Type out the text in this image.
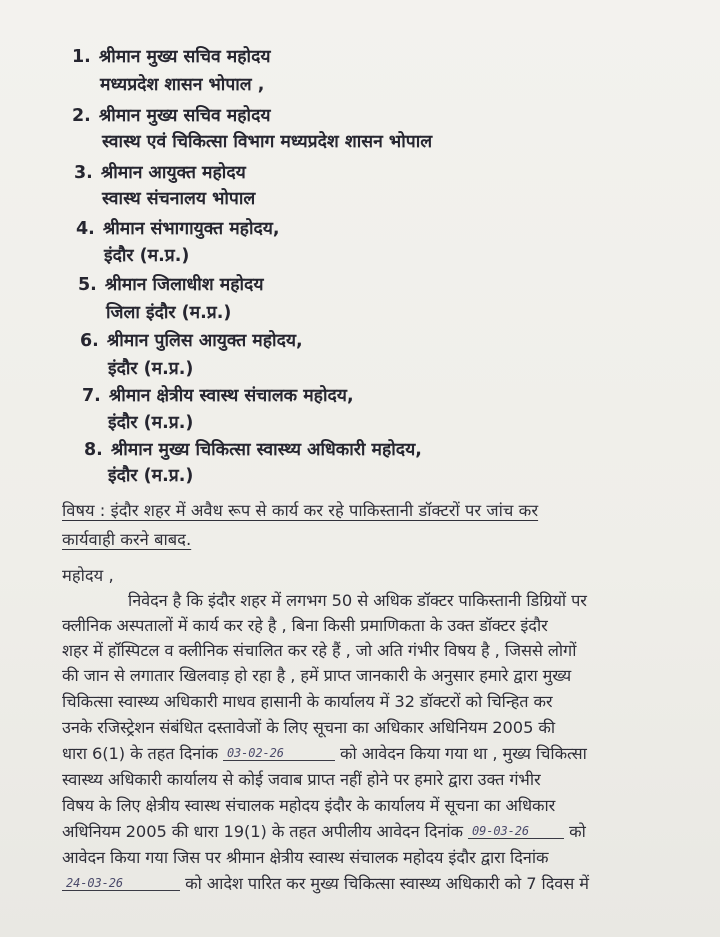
1. श्रीमान मुख्य सचिव महोदय
मध्यप्रदेश शासन भोपाल ,
2. श्रीमान मुख्य सचिव महोदय
स्वास्थ एवं चिकित्सा विभाग मध्यप्रदेश शासन भोपाल
3. श्रीमान आयुक्त महोदय
स्वास्थ संचनालय भोपाल
4. श्रीमान संभागायुक्त महोदय,
इंदौर (म.प्र.)
5. श्रीमान जिलाधीश महोदय
जिला इंदौर (म.प्र.)
6. श्रीमान पुलिस आयुक्त महोदय,
इंदौर (म.प्र.)
7. श्रीमान क्षेत्रीय स्वास्थ संचालक महोदय,
इंदौर (म.प्र.)
8. श्रीमान मुख्य चिकित्सा स्वास्थ्य अधिकारी महोदय,
इंदौर (म.प्र.)
विषय : इंदौर शहर में अवैध रूप से कार्य कर रहे पाकिस्तानी डॉक्टरों पर जांच कर
कार्यवाही करने बाबद.
महोदय ,
निवेदन है कि इंदौर शहर में लगभग 50 से अधिक डॉक्टर पाकिस्तानी डिग्रियों पर
क्लीनिक अस्पतालों में कार्य कर रहे है , बिना किसी प्रमाणिकता के उक्त डॉक्टर इंदौर
शहर में हॉस्पिटल व क्लीनिक संचालित कर रहे हैं , जो अति गंभीर विषय है , जिससे लोगों
की जान से लगातार खिलवाड़ हो रहा है , हमें प्राप्त जानकारी के अनुसार हमारे द्वारा मुख्य
चिकित्सा स्वास्थ्य अधिकारी माधव हासानी के कार्यालय में 32 डॉक्टरों को चिन्हित कर
उनके रजिस्ट्रेशन संबंधित दस्तावेजों के लिए सूचना का अधिकार अधिनियम 2005 की
धारा 6(1) के तहत दिनांक 03-02-26	को आवेदन किया गया था , मुख्य चिकित्सा
स्वास्थ्य अधिकारी कार्यालय से कोई जवाब प्राप्त नहीं होने पर हमारे द्वारा उक्त गंभीर
विषय के लिए क्षेत्रीय स्वास्थ संचालक महोदय इंदौर के कार्यालय में सूचना का अधिकार
अधिनियम 2005 की धारा 19(1) के तहत अपीलीय आवेदन दिनांक 09-03-26 को
आवेदन किया गया जिस पर श्रीमान क्षेत्रीय स्वास्थ संचालक महोदय इंदौर द्वारा दिनांक
24-03-26	को आदेश पारित कर मुख्य चिकित्सा स्वास्थ्य अधिकारी को 7 दिवस में
